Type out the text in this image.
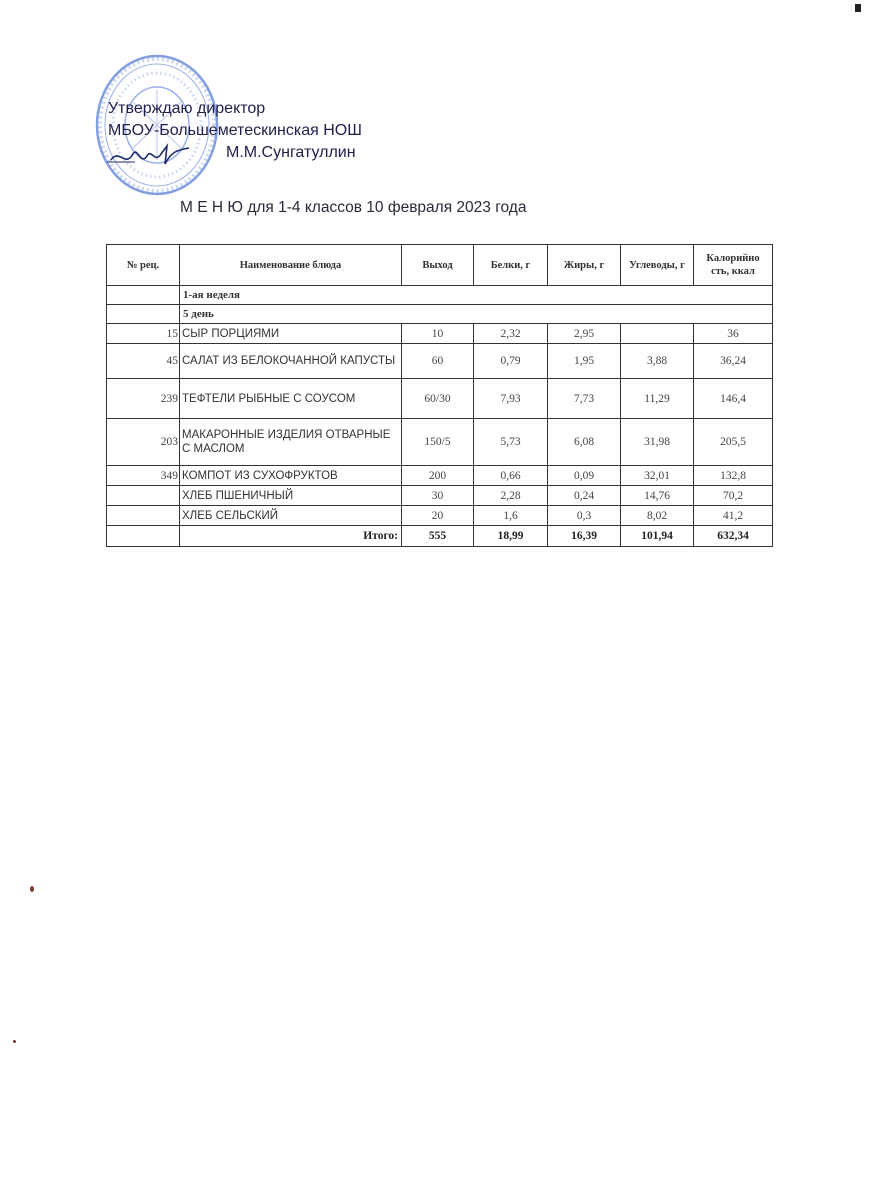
Утверждаю директор
МБОУ-Большеметескинская НОШ
М.М.Сунгатуллин
М Е Н Ю для 1-4 классов 10 февраля 2023 года
№ рец.	Наименование блюда	Выход	Белки, г	Жиры, г	Углеводы, г	Калорийно сть, ккал
	1-ая неделя					
	5 день					
15	СЫР ПОРЦИЯМИ	10	2,32	2,95		36
45	САЛАТ ИЗ БЕЛОКОЧАННОЙ КАПУСТЫ	60	0,79	1,95	3,88	36,24
239	ТЕФТЕЛИ РЫБНЫЕ С СОУСОМ	60/30	7,93	7,73	11,29	146,4
203	МАКАРОННЫЕ ИЗДЕЛИЯ ОТВАРНЫЕ С МАСЛОМ	150/5	5,73	6,08	31,98	205,5
349	КОМПОТ ИЗ СУХОФРУКТОВ	200	0,66	0,09	32,01	132,8
	ХЛЕБ ПШЕНИЧНЫЙ	30	2,28	0,24	14,76	70,2
	ХЛЕБ СЕЛЬСКИЙ	20	1,6	0,3	8,02	41,2
	Итого:	555	18,99	16,39	101,94	632,34
